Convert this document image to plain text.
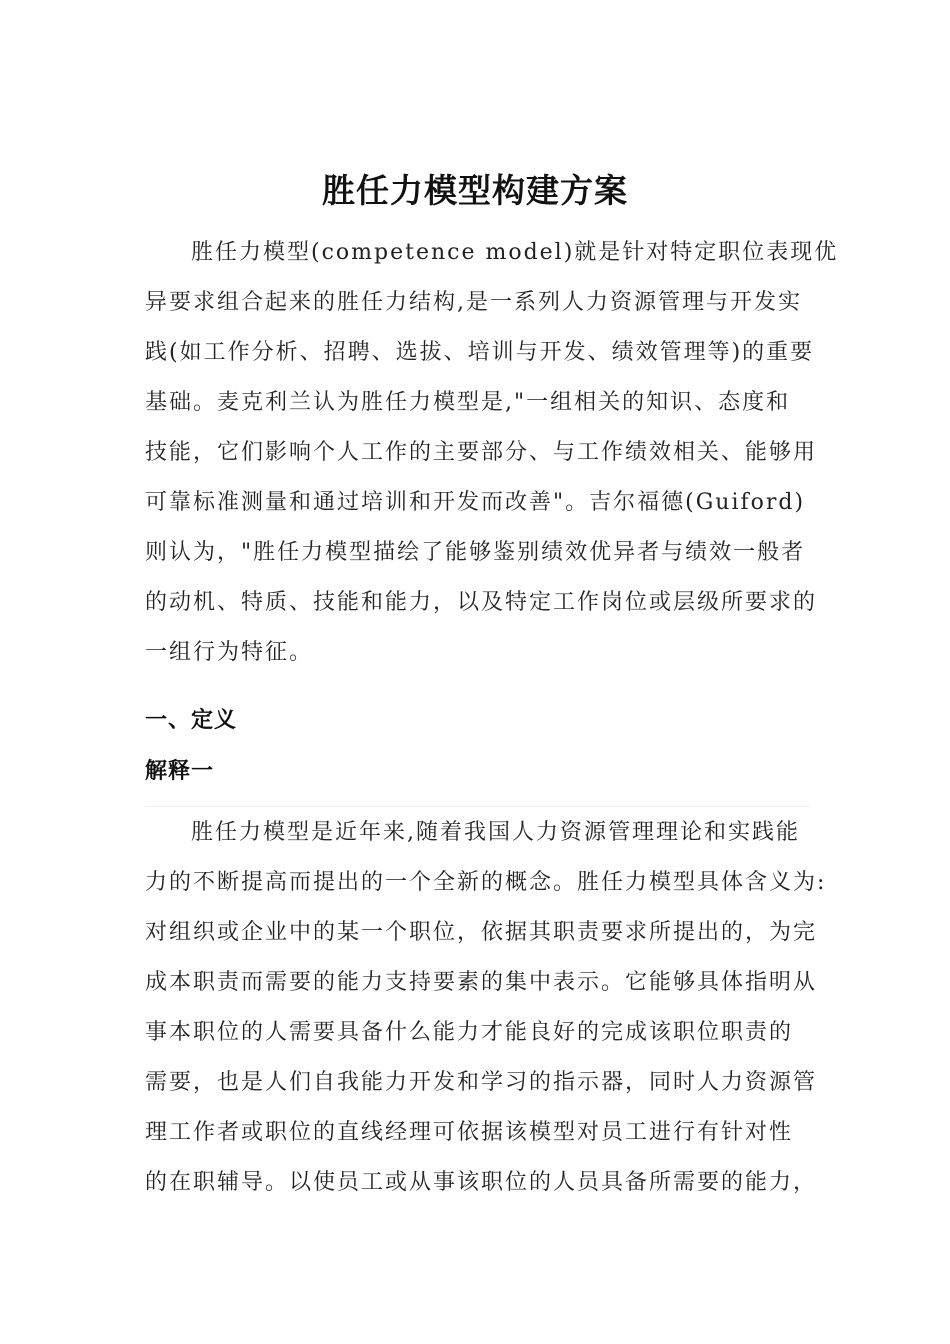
胜任力模型构建方案
胜任力模型(competence model)就是针对特定职位表现优
异要求组合起来的胜任力结构,是一系列人力资源管理与开发实
践(如工作分析、招聘、选拔、培训与开发、绩效管理等)的重要
基础。麦克利兰认为胜任力模型是,"一组相关的知识、态度和
技能，它们影响个人工作的主要部分、与工作绩效相关、能够用
可靠标准测量和通过培训和开发而改善"。吉尔福德(Guiford)
则认为，"胜任力模型描绘了能够鉴别绩效优异者与绩效一般者
的动机、特质、技能和能力，以及特定工作岗位或层级所要求的
一组行为特征。
一、定义
解释一
胜任力模型是近年来,随着我国人力资源管理理论和实践能
力的不断提高而提出的一个全新的概念。胜任力模型具体含义为:
对组织或企业中的某一个职位，依据其职责要求所提出的，为完
成本职责而需要的能力支持要素的集中表示。它能够具体指明从
事本职位的人需要具备什么能力才能良好的完成该职位职责的
需要，也是人们自我能力开发和学习的指示器，同时人力资源管
理工作者或职位的直线经理可依据该模型对员工进行有针对性
的在职辅导。以使员工或从事该职位的人员具备所需要的能力，
